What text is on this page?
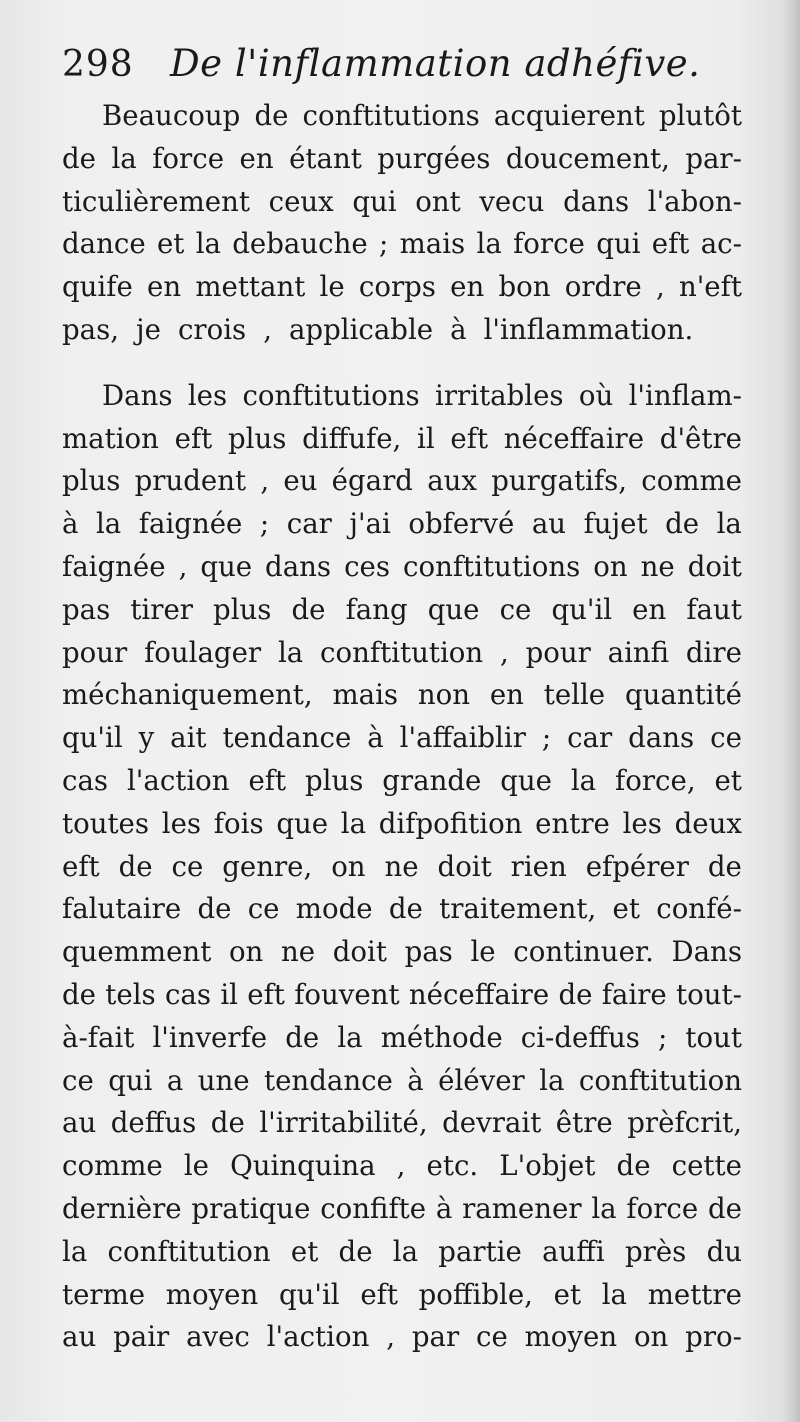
298 De l'inflammation adhéfive.
Beaucoup de conftitutions acquierent plutôt
de la force en étant purgées doucement, par-
ticulièrement ceux qui ont vecu dans l'abon-
dance et la debauche ; mais la force qui eft ac-
quife en mettant le corps en bon ordre , n'eft
pas, je crois , applicable à l'inflammation.
Dans les conftitutions irritables où l'inflam-
mation eft plus diffufe, il eft néceffaire d'être
plus prudent , eu égard aux purgatifs, comme
à la faignée ; car j'ai obfervé au fujet de la
faignée , que dans ces conftitutions on ne doit
pas tirer plus de fang que ce qu'il en faut
pour foulager la conftitution , pour ainfi dire
méchaniquement, mais non en telle quantité
qu'il y ait tendance à l'affaiblir ; car dans ce
cas l'action eft plus grande que la force, et
toutes les fois que la difpofition entre les deux
eft de ce genre, on ne doit rien efpérer de
falutaire de ce mode de traitement, et confé-
quemment on ne doit pas le continuer. Dans
de tels cas il eft fouvent néceffaire de faire tout-
à-fait l'inverfe de la méthode ci-deffus ; tout
ce qui a une tendance à éléver la conftitution
au deffus de l'irritabilité, devrait être prèfcrit,
comme le Quinquina , etc. L'objet de cette
dernière pratique confifte à ramener la force de
la conftitution et de la partie auffi près du
terme moyen qu'il eft poffible, et la mettre
au pair avec l'action , par ce moyen on pro-
